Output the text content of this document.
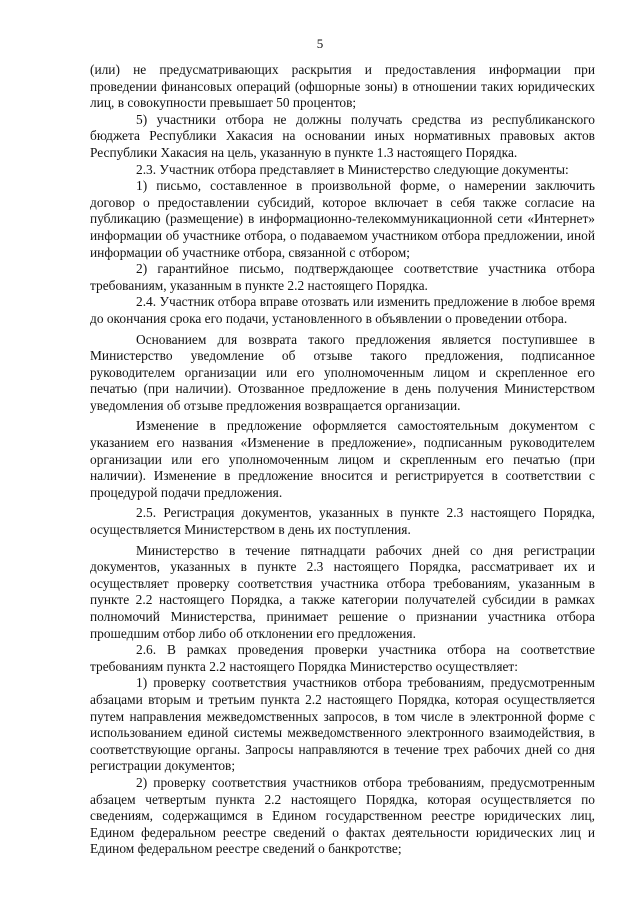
5

(или) не предусматривающих раскрытия и предоставления информации при проведении финансовых операций (офшорные зоны) в отношении таких юридических лиц, в совокупности превышает 50 процентов;

5) участники отбора не должны получать средства из республиканского бюджета Республики Хакасия на основании иных нормативных правовых актов Республики Хакасия на цель, указанную в пункте 1.3 настоящего Порядка.

2.3. Участник отбора представляет в Министерство следующие документы:

1) письмо, составленное в произвольной форме, о намерении заключить договор о предоставлении субсидий, которое включает в себя также согласие на публикацию (размещение) в информационно-телекоммуникационной сети «Интернет» информации об участнике отбора, о подаваемом участником отбора предложении, иной информации об участнике отбора, связанной с отбором;

2) гарантийное письмо, подтверждающее соответствие участника отбора требованиям, указанным в пункте 2.2 настоящего Порядка.

2.4. Участник отбора вправе отозвать или изменить предложение в любое время до окончания срока его подачи, установленного в объявлении о проведении отбора.

Основанием для возврата такого предложения является поступившее в Министерство уведомление об отзыве такого предложения, подписанное руководителем организации или его уполномоченным лицом и скрепленное его печатью (при наличии). Отозванное предложение в день получения Министерством уведомления об отзыве предложения возвращается организации.

Изменение в предложение оформляется самостоятельным документом с указанием его названия «Изменение в предложение», подписанным руководителем организации или его уполномоченным лицом и скрепленным его печатью (при наличии). Изменение в предложение вносится и регистрируется в соответствии с процедурой подачи предложения.

2.5. Регистрация документов, указанных в пункте 2.3 настоящего Порядка, осуществляется Министерством в день их поступления.

Министерство в течение пятнадцати рабочих дней со дня регистрации документов, указанных в пункте 2.3 настоящего Порядка, рассматривает их и осуществляет проверку соответствия участника отбора требованиям, указанным в пункте 2.2 настоящего Порядка, а также категории получателей субсидии в рамках полномочий Министерства, принимает решение о признании участника отбора прошедшим отбор либо об отклонении его предложения.

2.6. В рамках проведения проверки участника отбора на соответствие требованиям пункта 2.2 настоящего Порядка Министерство осуществляет:

1) проверку соответствия участников отбора требованиям, предусмотренным абзацами вторым и третьим пункта 2.2 настоящего Порядка, которая осуществляется путем направления межведомственных запросов, в том числе в электронной форме с использованием единой системы межведомственного электронного взаимодействия, в соответствующие органы. Запросы направляются в течение трех рабочих дней со дня регистрации документов;

2) проверку соответствия участников отбора требованиям, предусмотренным абзацем четвертым пункта 2.2 настоящего Порядка, которая осуществляется по сведениям, содержащимся в Едином государственном реестре юридических лиц, Едином федеральном реестре сведений о фактах деятельности юридических лиц и Едином федеральном реестре сведений о банкротстве;
